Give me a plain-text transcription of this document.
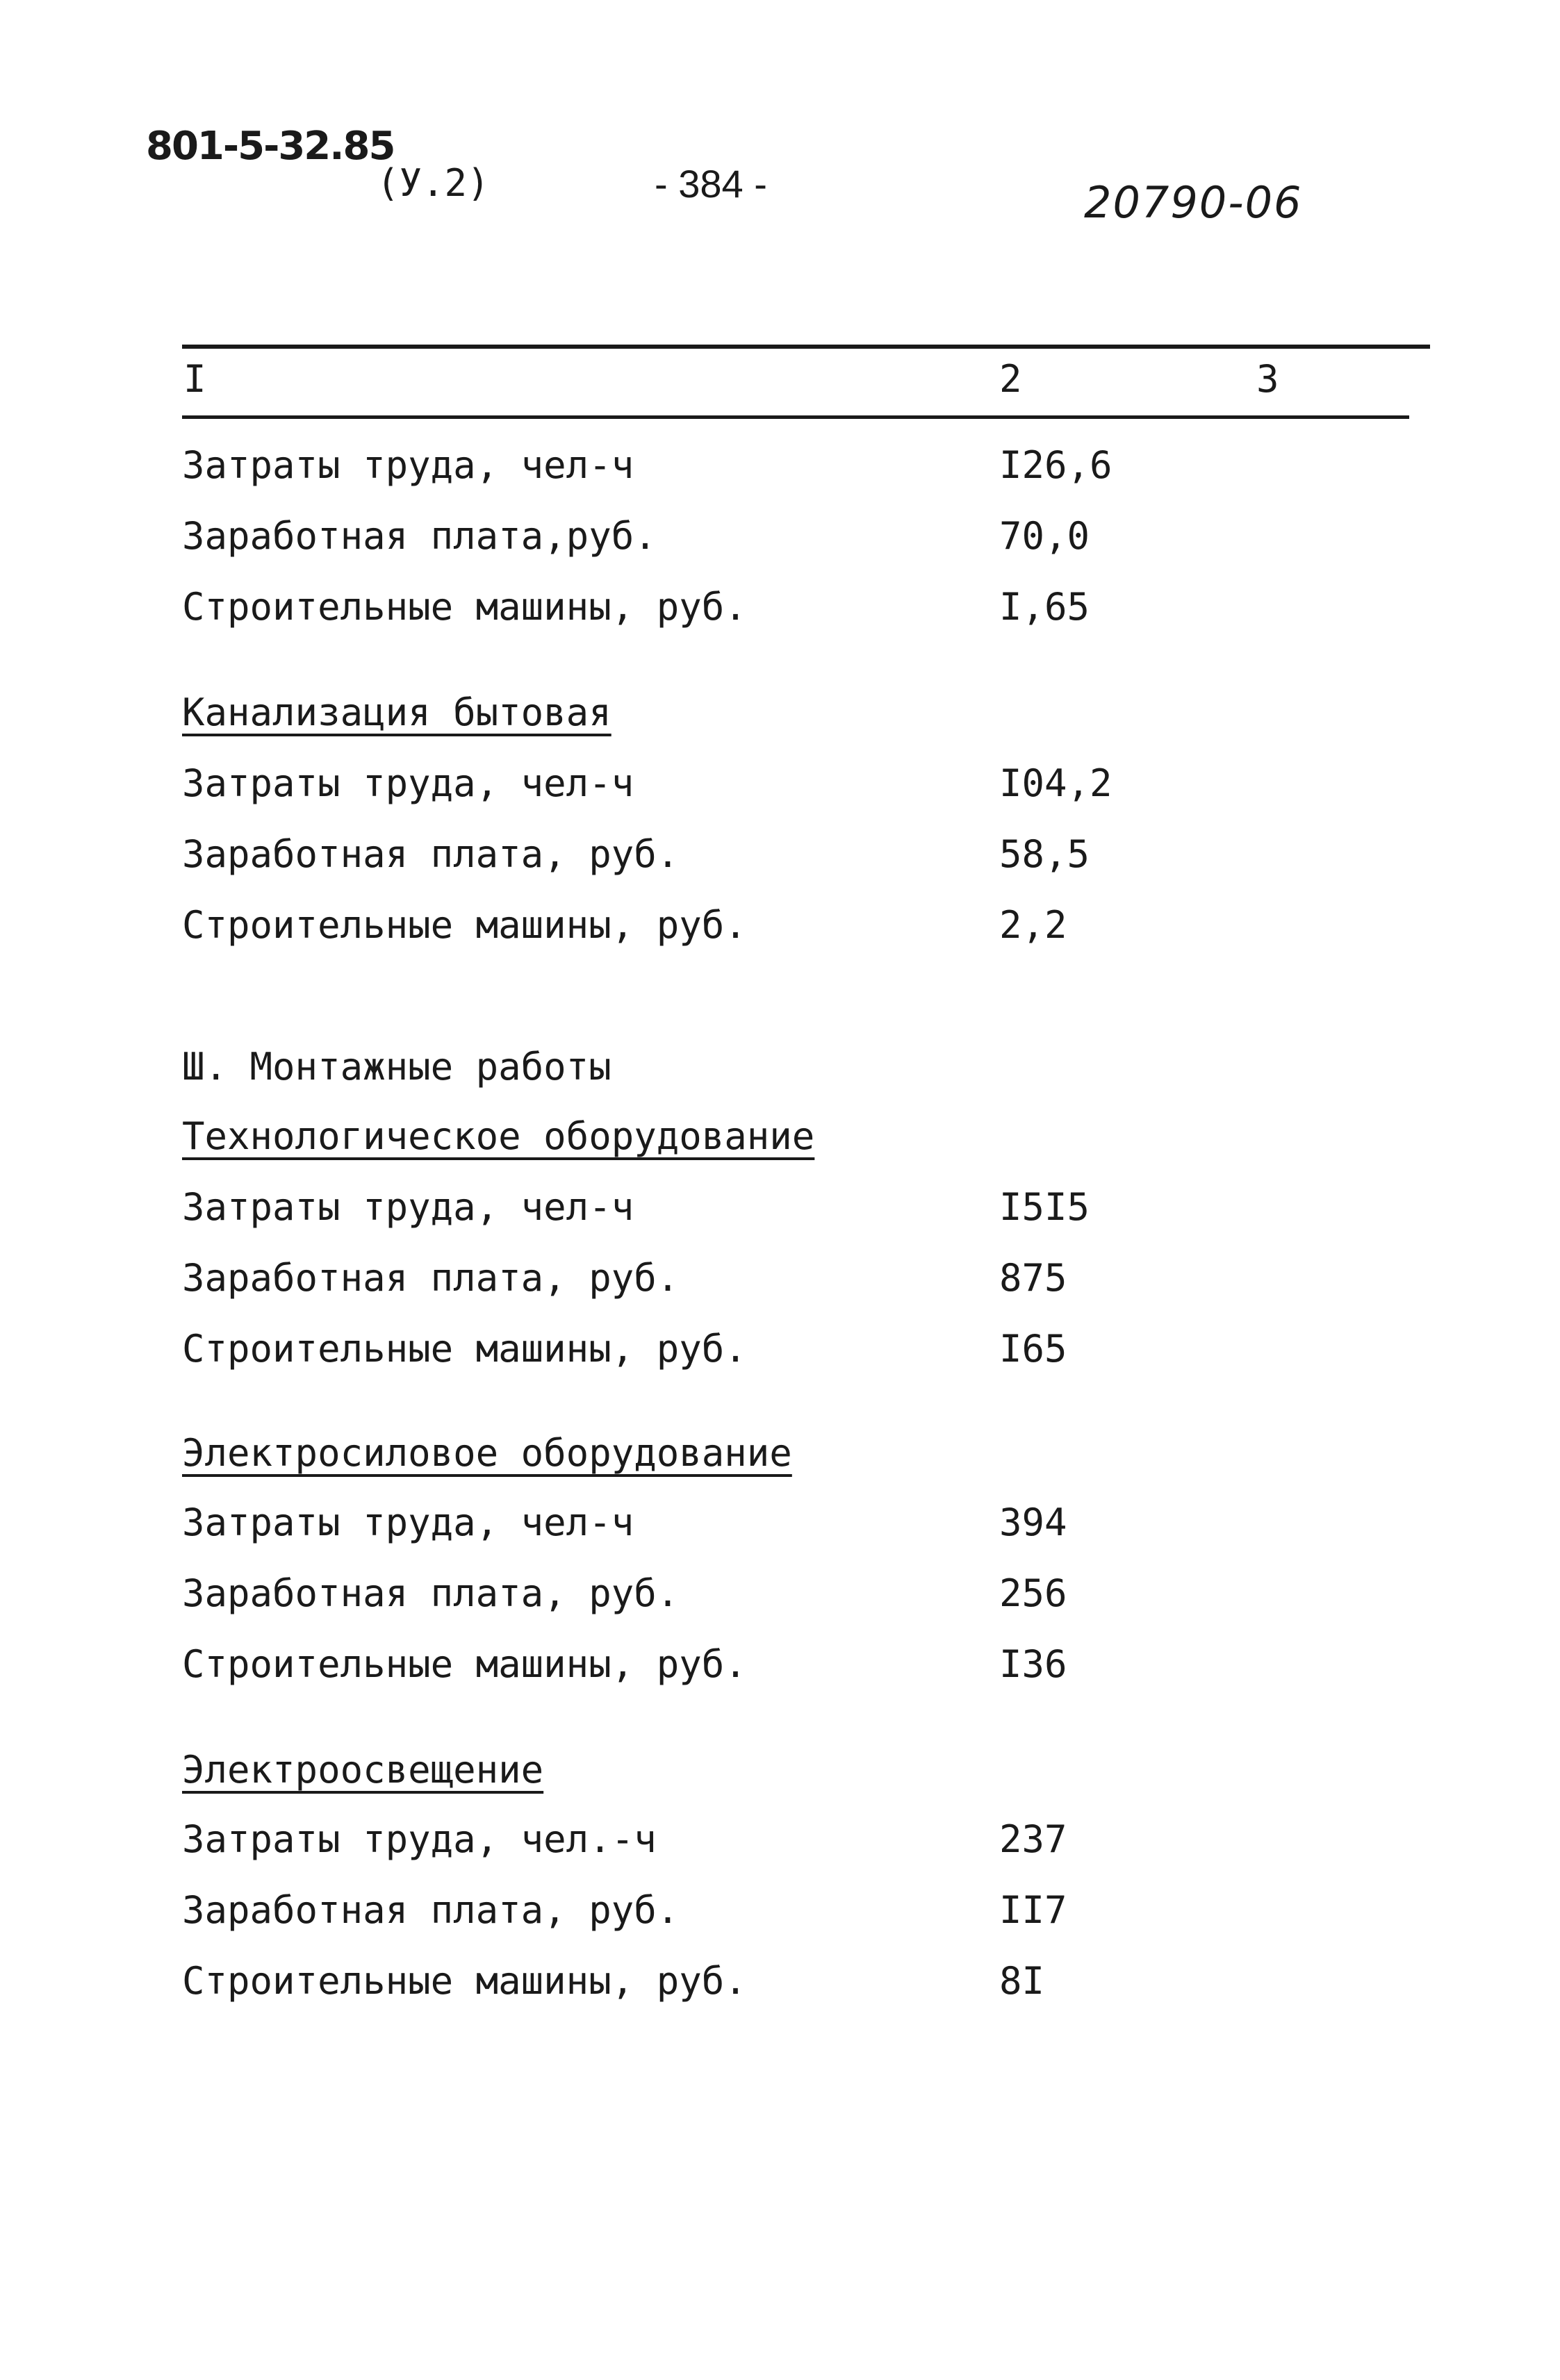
801-5-32.85
(У.2)	- 384 -	20790-06
I	2	3
Затраты труда, чел-ч	I26,6
Заработная плата,руб.	70,0
Строительные машины, руб.	I,65
Канализация бытовая
Затраты труда, чел-ч	I04,2
Заработная плата, руб.	58,5
Строительные машины, руб.	2,2
Ш. Монтажные работы
Технологическое оборудование
Затраты труда, чел-ч	I5I5
Заработная плата, руб.	875
Строительные машины, руб.	I65
Электросиловое оборудование
Затраты труда, чел-ч	394
Заработная плата, руб.	256
Строительные машины, руб.	I36
Электроосвещение
Затраты труда, чел.-ч	237
Заработная плата, руб.	II7
Строительные машины, руб.	8I
